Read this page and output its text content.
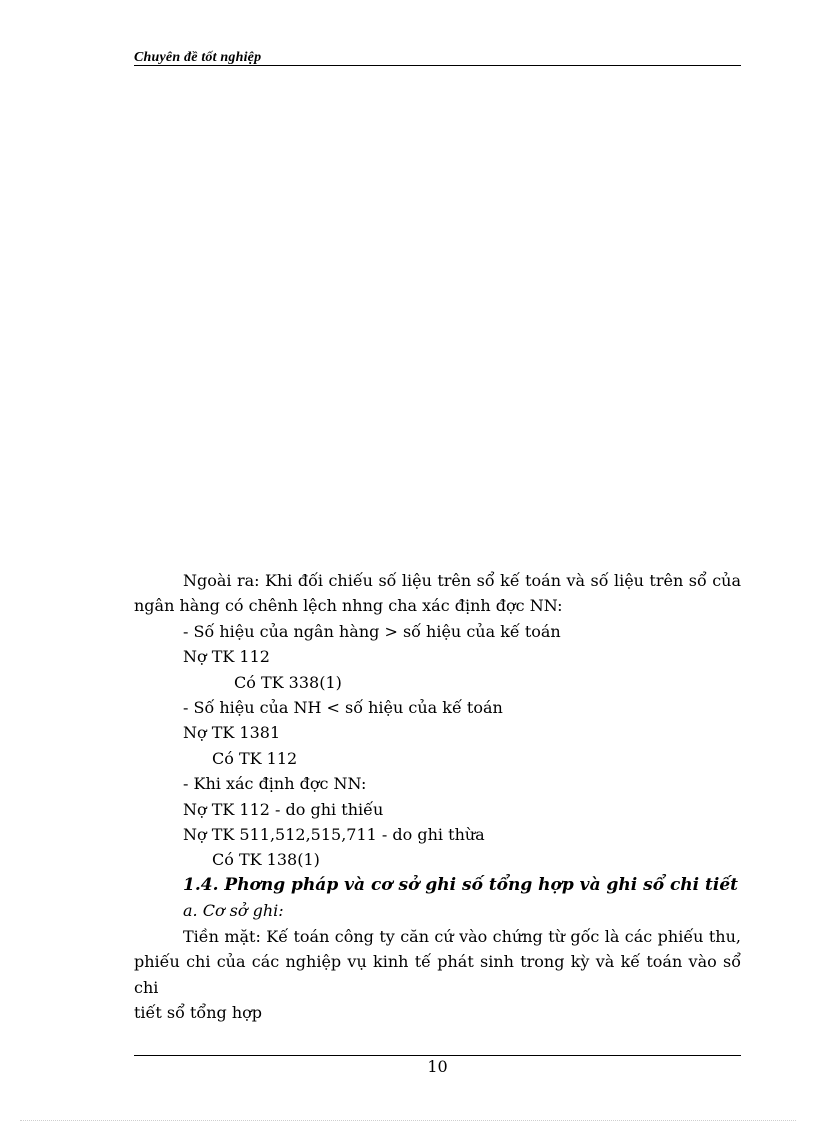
Chuyên đề tốt nghiệp
Ngoài ra: Khi đối chiếu số liệu trên sổ kế toán và số liệu trên sổ của
ngân hàng có chênh lệch nhng cha xác định đợc NN:
- Số hiệu của ngân hàng > số hiệu của kế toán
Nợ TK 112
Có TK 338(1)
- Số hiệu của NH < số hiệu của kế toán
Nợ TK 1381
Có TK 112
- Khi xác định đợc NN:
Nợ TK 112 - do ghi thiếu
Nợ TK 511,512,515,711 - do ghi thừa
Có TK 138(1)
1.4. Phơng pháp và cơ sở ghi số tổng hợp và ghi sổ chi tiết
a. Cơ sở ghi:
Tiền mặt: Kế toán công ty căn cứ vào chứng từ gốc là các phiếu thu,
phiếu chi của các nghiệp vụ kinh tế phát sinh trong kỳ và kế toán vào sổ chi
tiết sổ tổng hợp
10
